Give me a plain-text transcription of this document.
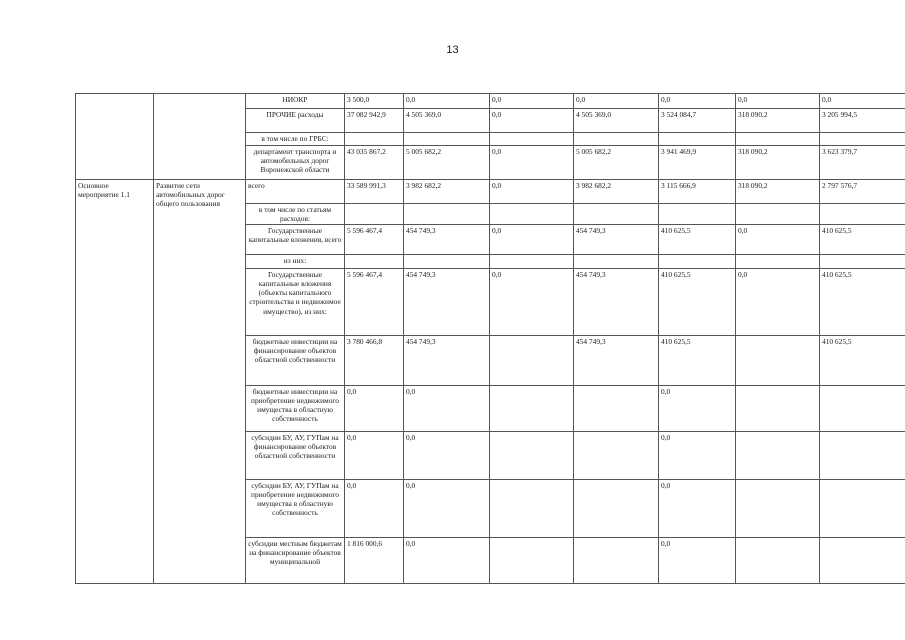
13
		НИОКР	3 500,0	0,0	0,0	0,0	0,0	0,0	0,0
		ПРОЧИЕ расходы	37 082 942,9	4 505 369,0	0,0	4 505 369,0	3 524 084,7	318 090,2	3 205 994,5
		в том числе по ГРБС:							
		департамент транспорта и автомобильных дорог Воронежской области	43 035 867,2	5 005 682,2	0,0	5 005 682,2	3 941 469,9	318 090,2	3 623 379,7
Основное мероприятие 1.1	Развитие сети автомобильных дорог общего пользования	всего	33 589 991,3	3 982 682,2	0,0	3 982 682,2	3 115 666,9	318 090,2	2 797 576,7
		в том числе по статьям расходов:							
		Государственные капитальные вложения, всего	5 596 467,4	454 749,3	0,0	454 749,3	410 625,5	0,0	410 625,5
		из них:							
		Государственные капитальные вложения (объекты капитального строительства и недвижимое имущество), из них:	5 596 467,4	454 749,3	0,0	454 749,3	410 625,5	0,0	410 625,5
		бюджетные инвестиции на финансирование объектов областной собственности	3 780 466,8	454 749,3		454 749,3	410 625,5		410 625,5
		бюджетные инвестиции на приобретение недвижимого имущества в областную собственность	0,0	0,0			0,0		
		субсидии БУ, АУ, ГУПам на финансирование объектов областной собственности	0,0	0,0			0,0		
		субсидии БУ, АУ, ГУПам на приобретение недвижимого имущества в областную собственность	0,0	0,0			0,0		
		субсидии местным бюджетам на финансирование объектов муниципальной	1 816 000,6	0,0			0,0		
